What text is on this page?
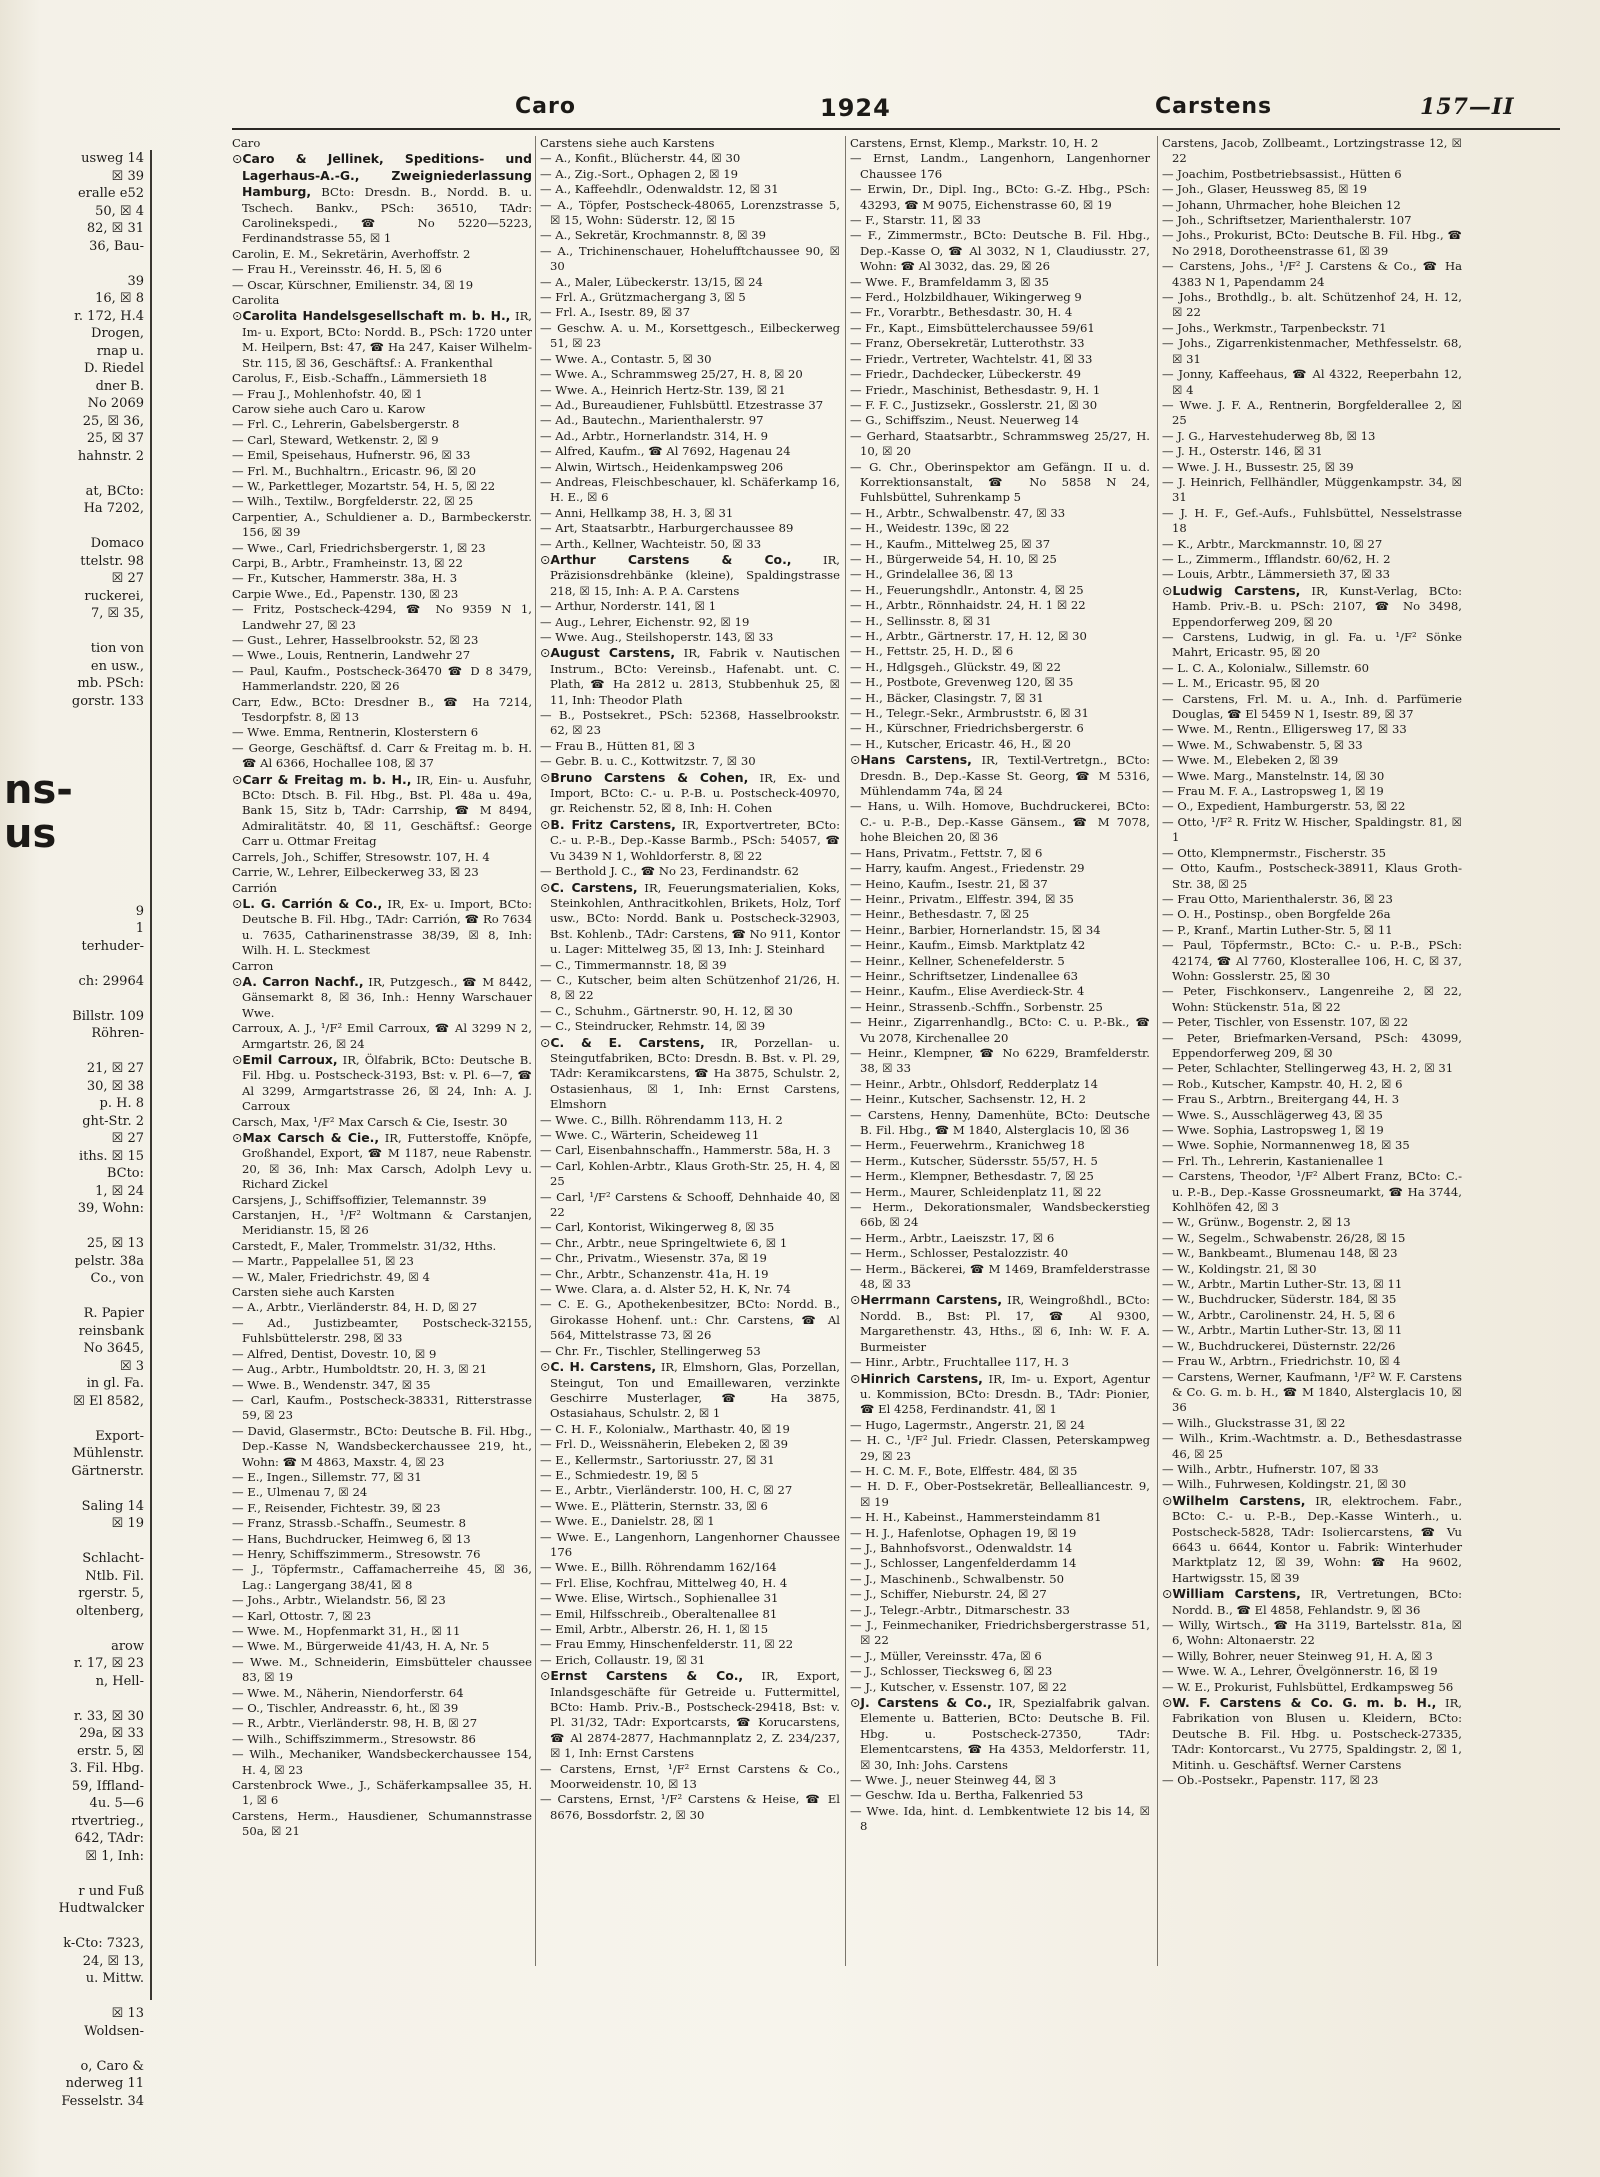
usweg 14
☒ 39
eralle e52
50, ☒ 4
82, ☒ 31
36, Bau-

39
16, ☒ 8
r. 172, H.4
Drogen,
rnap u.
D. Riedel
dner B.
No 2069
25, ☒ 36,
25, ☒ 37
hahnstr. 2

at, BCto:
Ha 7202,

Domaco
ttelstr. 98
☒ 27
ruckerei,
7, ☒ 35,

tion von
en usw.,
mb. PSch:
gorstr. 133

ns-
us

9
1
terhuder-

ch: 29964

Billstr. 109
Röhren-

21, ☒ 27
30, ☒ 38
p. H. 8
ght-Str. 2
☒ 27
iths. ☒ 15
BCto:
1, ☒ 24
39, Wohn:

25, ☒ 13
pelstr. 38a
Co., von

R. Papier
reinsbank
No 3645,
☒ 3
in gl. Fa.
☒ El 8582,

Export-
Mühlenstr.
Gärtnerstr.

Saling 14
☒ 19

Schlacht-
Ntlb. Fil.
rgerstr. 5,
oltenberg,

arow
r. 17, ☒ 23
n, Hell-

r. 33, ☒ 30
29a, ☒ 33
erstr. 5, ☒
3. Fil. Hbg.
59, Iffland-
4u. 5—6
rtvertrieg.,
642, TAdr:
☒ 1, Inh:

r und Fuß
Hudtwalcker

k-Cto: 7323,
24, ☒ 13,
u. Mittw.

☒ 13
Woldsen-

o, Caro &
nderweg 11
Fesselstr. 34
Caro	1924	Carstens	157—II
Caro
⊙ Caro & Jellinek, Speditions- und Lagerhaus-A.-G., Zweigniederlassung Hamburg, BCto: Dresdn. B., Nordd. B. u. Tschech. Bankv., PSch: 36510, TAdr: Carolinekspedi., ☎ No 5220—5223, Ferdinandstrasse 55, ☒ 1
Carolin, E. M., Sekretärin, Averhoffstr. 2
— Frau H., Vereinsstr. 46, H. 5, ☒ 6
— Oscar, Kürschner, Emilienstr. 34, ☒ 19
Carolita
⊙ Carolita Handelsgesellschaft m. b. H., IR, Im- u. Export, BCto: Nordd. B., PSch: 1720 unter M. Heilpern, Bst: 47, ☎ Ha 247, Kaiser Wilhelm-Str. 115, ☒ 36, Geschäftsf.: A. Frankenthal
Carolus, F., Eisb.-Schaffn., Lämmersieth 18
— Frau J., Mohlenhofstr. 40, ☒ 1
Carow siehe auch Caro u. Karow
— Frl. C., Lehrerin, Gabelsbergerstr. 8
— Carl, Steward, Wetkenstr. 2, ☒ 9
— Emil, Speisehaus, Hufnerstr. 96, ☒ 33
— Frl. M., Buchhaltrn., Ericastr. 96, ☒ 20
— W., Parkettleger, Mozartstr. 54, H. 5, ☒ 22
— Wilh., Textilw., Borgfelderstr. 22, ☒ 25
Carpentier, A., Schuldiener a. D., Barmbeckerstr. 156, ☒ 39
— Wwe., Carl, Friedrichsbergerstr. 1, ☒ 23
Carpi, B., Arbtr., Framheinstr. 13, ☒ 22
— Fr., Kutscher, Hammerstr. 38a, H. 3
Carpie Wwe., Ed., Papenstr. 130, ☒ 23
— Fritz, Postscheck-4294, ☎ No 9359 N 1, Landwehr 27, ☒ 23
— Gust., Lehrer, Hasselbrookstr. 52, ☒ 23
— Wwe., Louis, Rentnerin, Landwehr 27
— Paul, Kaufm., Postscheck-36470 ☎ D 8 3479, Hammerlandstr. 220, ☒ 26
Carr, Edw., BCto: Dresdner B., ☎ Ha 7214, Tesdorpfstr. 8, ☒ 13
— Wwe. Emma, Rentnerin, Klosterstern 6
— George, Geschäftsf. d. Carr & Freitag m. b. H. ☎ Al 6366, Hochallee 108, ☒ 37
⊙ Carr & Freitag m. b. H., IR, Ein- u. Ausfuhr, BCto: Dtsch. B. Fil. Hbg., Bst. Pl. 48a u. 49a, Bank 15, Sitz b, TAdr: Carrship, ☎ M 8494, Admiralitätstr. 40, ☒ 11, Geschäftsf.: George Carr u. Ottmar Freitag
Carrels, Joh., Schiffer, Stresowstr. 107, H. 4
Carrie, W., Lehrer, Eilbeckerweg 33, ☒ 23
Carrión
⊙ L. G. Carrión & Co., IR, Ex- u. Import, BCto: Deutsche B. Fil. Hbg., TAdr: Carrión, ☎ Ro 7634 u. 7635, Catharinenstrasse 38/39, ☒ 8, Inh: Wilh. H. L. Steckmest
Carron
⊙ A. Carron Nachf., IR, Putzgesch., ☎ M 8442, Gänsemarkt 8, ☒ 36, Inh.: Henny Warschauer Wwe.
Carroux, A. J., ¹/F² Emil Carroux, ☎ Al 3299 N 2, Armgartstr. 26, ☒ 24
⊙ Emil Carroux, IR, Ölfabrik, BCto: Deutsche B. Fil. Hbg. u. Postscheck-3193, Bst: v. Pl. 6—7, ☎ Al 3299, Armgartstrasse 26, ☒ 24, Inh: A. J. Carroux
Carsch, Max, ¹/F² Max Carsch & Cie, Isestr. 30
⊙ Max Carsch & Cie., IR, Futterstoffe, Knöpfe, Großhandel, Export, ☎ M 1187, neue Rabenstr. 20, ☒ 36, Inh: Max Carsch, Adolph Levy u. Richard Zickel
Carsjens, J., Schiffsoffizier, Telemannstr. 39
Carstanjen, H., ¹/F² Woltmann & Carstanjen, Meridianstr. 15, ☒ 26
Carstedt, F., Maler, Trommelstr. 31/32, Hths.
— Martr., Pappelallee 51, ☒ 23
— W., Maler, Friedrichstr. 49, ☒ 4
Carsten siehe auch Karsten
— A., Arbtr., Vierländerstr. 84, H. D, ☒ 27
— Ad., Justizbeamter, Postscheck-32155, Fuhlsbüttelerstr. 298, ☒ 33
— Alfred, Dentist, Dovestr. 10, ☒ 9
— Aug., Arbtr., Humboldtstr. 20, H. 3, ☒ 21
— Wwe. B., Wendenstr. 347, ☒ 35
— Carl, Kaufm., Postscheck-38331, Ritterstrasse 59, ☒ 23
— David, Glasermstr., BCto: Deutsche B. Fil. Hbg., Dep.-Kasse N, Wandsbeckerchaussee 219, ht., Wohn: ☎ M 4863, Maxstr. 4, ☒ 23
— E., Ingen., Sillemstr. 77, ☒ 31
— E., Ulmenau 7, ☒ 24
— F., Reisender, Fichtestr. 39, ☒ 23
— Franz, Strassb.-Schaffn., Seumestr. 8
— Hans, Buchdrucker, Heimweg 6, ☒ 13
— Henry, Schiffszimmerm., Stresowstr. 76
— J., Töpfermstr., Caffamacherreihe 45, ☒ 36, Lag.: Langergang 38/41, ☒ 8
— Johs., Arbtr., Wielandstr. 56, ☒ 23
— Karl, Ottostr. 7, ☒ 23
— Wwe. M., Hopfenmarkt 31, H., ☒ 11
— Wwe. M., Bürgerweide 41/43, H. A, Nr. 5
— Wwe. M., Schneiderin, Eimsbütteler chaussee 83, ☒ 19
— Wwe. M., Näherin, Niendorferstr. 64
— O., Tischler, Andreasstr. 6, ht., ☒ 39
— R., Arbtr., Vierländerstr. 98, H. B, ☒ 27
— Wilh., Schiffszimmerm., Stresowstr. 86
— Wilh., Mechaniker, Wandsbeckerchaussee 154, H. 4, ☒ 23
Carstenbrock Wwe., J., Schäferkampsallee 35, H. 1, ☒ 6
Carstens, Herm., Hausdiener, Schumannstrasse 50a, ☒ 21
Carstens siehe auch Karstens
— A., Konfit., Blücherstr. 44, ☒ 30
— A., Zig.-Sort., Ophagen 2, ☒ 19
— A., Kaffeehdlr., Odenwaldstr. 12, ☒ 31
— A., Töpfer, Postscheck-48065, Lorenzstrasse 5, ☒ 15, Wohn: Süderstr. 12, ☒ 15
— A., Sekretär, Krochmannstr. 8, ☒ 39
— A., Trichinenschauer, Hohelufftchaussee 90, ☒ 30
— A., Maler, Lübeckerstr. 13/15, ☒ 24
— Frl. A., Grützmachergang 3, ☒ 5
— Frl. A., Isestr. 89, ☒ 37
— Geschw. A. u. M., Korsettgesch., Eilbeckerweg 51, ☒ 23
— Wwe. A., Contastr. 5, ☒ 30
— Wwe. A., Schrammsweg 25/27, H. 8, ☒ 20
— Wwe. A., Heinrich Hertz-Str. 139, ☒ 21
— Ad., Bureaudiener, Fuhlsbüttl. Etzestrasse 37
— Ad., Bautechn., Marienthalerstr. 97
— Ad., Arbtr., Hornerlandstr. 314, H. 9
— Alfred, Kaufm., ☎ Al 7692, Hagenau 24
— Alwin, Wirtsch., Heidenkampsweg 206
— Andreas, Fleischbeschauer, kl. Schäferkamp 16, H. E., ☒ 6
— Anni, Hellkamp 38, H. 3, ☒ 31
— Art, Staatsarbtr., Harburgerchaussee 89
— Arth., Kellner, Wachteistr. 50, ☒ 33
⊙ Arthur Carstens & Co., IR, Präzisionsdrehbänke (kleine), Spaldingstrasse 218, ☒ 15, Inh: A. P. A. Carstens
— Arthur, Norderstr. 141, ☒ 1
— Aug., Lehrer, Eichenstr. 92, ☒ 19
— Wwe. Aug., Steilshoperstr. 143, ☒ 33
⊙ August Carstens, IR, Fabrik v. Nautischen Instrum., BCto: Vereinsb., Hafenabt. unt. C. Plath, ☎ Ha 2812 u. 2813, Stubbenhuk 25, ☒ 11, Inh: Theodor Plath
— B., Postsekret., PSch: 52368, Hasselbrookstr. 62, ☒ 23
— Frau B., Hütten 81, ☒ 3
— Gebr. B. u. C., Kottwitzstr. 7, ☒ 30
⊙ Bruno Carstens & Cohen, IR, Ex- und Import, BCto: C.- u. P.-B. u. Postscheck-40970, gr. Reichenstr. 52, ☒ 8, Inh: H. Cohen
⊙ B. Fritz Carstens, IR, Exportvertreter, BCto: C.- u. P.-B., Dep.-Kasse Barmb., PSch: 54057, ☎ Vu 3439 N 1, Wohldorferstr. 8, ☒ 22
— Berthold J. C., ☎ No 23, Ferdinandstr. 62
⊙ C. Carstens, IR, Feuerungsmaterialien, Koks, Steinkohlen, Anthracitkohlen, Brikets, Holz, Torf usw., BCto: Nordd. Bank u. Postscheck-32903, Bst. Kohlenb., TAdr: Carstens, ☎ No 911, Kontor u. Lager: Mittelweg 35, ☒ 13, Inh: J. Steinhard
— C., Timmermannstr. 18, ☒ 39
— C., Kutscher, beim alten Schützenhof 21/26, H. 8, ☒ 22
— C., Schuhm., Gärtnerstr. 90, H. 12, ☒ 30
— C., Steindrucker, Rehmstr. 14, ☒ 39
⊙ C. & E. Carstens, IR, Porzellan- u. Steingutfabriken, BCto: Dresdn. B. Bst. v. Pl. 29, TAdr: Keramikcarstens, ☎ Ha 3875, Schulstr. 2, Ostasienhaus, ☒ 1, Inh: Ernst Carstens, Elmshorn
— Wwe. C., Billh. Röhrendamm 113, H. 2
— Wwe. C., Wärterin, Scheideweg 11
— Carl, Eisenbahnschaffn., Hammerstr. 58a, H. 3
— Carl, Kohlen-Arbtr., Klaus Groth-Str. 25, H. 4, ☒ 25
— Carl, ¹/F² Carstens & Schooff, Dehnhaide 40, ☒ 22
— Carl, Kontorist, Wikingerweg 8, ☒ 35
— Chr., Arbtr., neue Springeltwiete 6, ☒ 1
— Chr., Privatm., Wiesenstr. 37a, ☒ 19
— Chr., Arbtr., Schanzenstr. 41a, H. 19
— Wwe. Clara, a. d. Alster 52, H. K, Nr. 74
— C. E. G., Apothekenbesitzer, BCto: Nordd. B., Girokasse Hohenf. unt.: Chr. Carstens, ☎ Al 564, Mittelstrasse 73, ☒ 26
— Chr. Fr., Tischler, Stellingerweg 53
⊙ C. H. Carstens, IR, Elmshorn, Glas, Porzellan, Steingut, Ton und Emaillewaren, verzinkte Geschirre Musterlager, ☎ Ha 3875, Ostasiahaus, Schulstr. 2, ☒ 1
— C. H. F., Kolonialw., Marthastr. 40, ☒ 19
— Frl. D., Weissnäherin, Elebeken 2, ☒ 39
— E., Kellermstr., Sartoriusstr. 27, ☒ 31
— E., Schmiedestr. 19, ☒ 5
— E., Arbtr., Vierländerstr. 100, H. C, ☒ 27
— Wwe. E., Plätterin, Sternstr. 33, ☒ 6
— Wwe. E., Danielstr. 28, ☒ 1
— Wwe. E., Langenhorn, Langenhorner Chaussee 176
— Wwe. E., Billh. Röhrendamm 162/164
— Frl. Elise, Kochfrau, Mittelweg 40, H. 4
— Wwe. Elise, Wirtsch., Sophienallee 31
— Emil, Hilfsschreib., Oberaltenallee 81
— Emil, Arbtr., Alberstr. 26, H. 1, ☒ 15
— Frau Emmy, Hinschenfelderstr. 11, ☒ 22
— Erich, Collaustr. 19, ☒ 31
⊙ Ernst Carstens & Co., IR, Export, Inlandsgeschäfte für Getreide u. Futtermittel, BCto: Hamb. Priv.-B., Postscheck-29418, Bst: v. Pl. 31/32, TAdr: Exportcarsts, ☎ Korucarstens, ☎ Al 2874-2877, Hachmannplatz 2, Z. 234/237, ☒ 1, Inh: Ernst Carstens
— Carstens, Ernst, ¹/F² Ernst Carstens & Co., Moorweidenstr. 10, ☒ 13
— Carstens, Ernst, ¹/F² Carstens & Heise, ☎ El 8676, Bossdorfstr. 2, ☒ 30
Carstens, Ernst, Klemp., Markstr. 10, H. 2
— Ernst, Landm., Langenhorn, Langenhorner Chaussee 176
— Erwin, Dr., Dipl. Ing., BCto: G.-Z. Hbg., PSch: 43293, ☎ M 9075, Eichenstrasse 60, ☒ 19
— F., Starstr. 11, ☒ 33
— F., Zimmermstr., BCto: Deutsche B. Fil. Hbg., Dep.-Kasse O, ☎ Al 3032, N 1, Claudiusstr. 27, Wohn: ☎ Al 3032, das. 29, ☒ 26
— Wwe. F., Bramfeldamm 3, ☒ 35
— Ferd., Holzbildhauer, Wikingerweg 9
— Fr., Vorarbtr., Bethesdastr. 30, H. 4
— Fr., Kapt., Eimsbüttelerchaussee 59/61
— Franz, Obersekretär, Lutterothstr. 33
— Friedr., Vertreter, Wachtelstr. 41, ☒ 33
— Friedr., Dachdecker, Lübeckerstr. 49
— Friedr., Maschinist, Bethesdastr. 9, H. 1
— F. F. C., Justizsekr., Gosslerstr. 21, ☒ 30
— G., Schiffszim., Neust. Neuerweg 14
— Gerhard, Staatsarbtr., Schrammsweg 25/27, H. 10, ☒ 20
— G. Chr., Oberinspektor am Gefängn. II u. d. Korrektionsanstalt, ☎ No 5858 N 24, Fuhlsbüttel, Suhrenkamp 5
— H., Arbtr., Schwalbenstr. 47, ☒ 33
— H., Weidestr. 139c, ☒ 22
— H., Kaufm., Mittelweg 25, ☒ 37
— H., Bürgerweide 54, H. 10, ☒ 25
— H., Grindelallee 36, ☒ 13
— H., Feuerungshdlr., Antonstr. 4, ☒ 25
— H., Arbtr., Rönnhaidstr. 24, H. 1 ☒ 22
— H., Sellinsstr. 8, ☒ 31
— H., Arbtr., Gärtnerstr. 17, H. 12, ☒ 30
— H., Fettstr. 25, H. D., ☒ 6
— H., Hdlgsgeh., Glückstr. 49, ☒ 22
— H., Postbote, Grevenweg 120, ☒ 35
— H., Bäcker, Clasingstr. 7, ☒ 31
— H., Telegr.-Sekr., Armbruststr. 6, ☒ 31
— H., Kürschner, Friedrichsbergerstr. 6
— H., Kutscher, Ericastr. 46, H., ☒ 20
⊙ Hans Carstens, IR, Textil-Vertretgn., BCto: Dresdn. B., Dep.-Kasse St. Georg, ☎ M 5316, Mühlendamm 74a, ☒ 24
— Hans, u. Wilh. Homove, Buchdruckerei, BCto: C.- u. P.-B., Dep.-Kasse Gänsem., ☎ M 7078, hohe Bleichen 20, ☒ 36
— Hans, Privatm., Fettstr. 7, ☒ 6
— Harry, kaufm. Angest., Friedenstr. 29
— Heino, Kaufm., Isestr. 21, ☒ 37
— Heinr., Privatm., Elffestr. 394, ☒ 35
— Heinr., Bethesdastr. 7, ☒ 25
— Heinr., Barbier, Hornerlandstr. 15, ☒ 34
— Heinr., Kaufm., Eimsb. Marktplatz 42
— Heinr., Kellner, Schenefelderstr. 5
— Heinr., Schriftsetzer, Lindenallee 63
— Heinr., Kaufm., Elise Averdieck-Str. 4
— Heinr., Strassenb.-Schffn., Sorbenstr. 25
— Heinr., Zigarrenhandlg., BCto: C. u. P.-Bk., ☎ Vu 2078, Kirchenallee 20
— Heinr., Klempner, ☎ No 6229, Bramfelderstr. 38, ☒ 33
— Heinr., Arbtr., Ohlsdorf, Redderplatz 14
— Heinr., Kutscher, Sachsenstr. 12, H. 2
— Carstens, Henny, Damenhüte, BCto: Deutsche B. Fil. Hbg., ☎ M 1840, Alsterglacis 10, ☒ 36
— Herm., Feuerwehrm., Kranichweg 18
— Herm., Kutscher, Südersstr. 55/57, H. 5
— Herm., Klempner, Bethesdastr. 7, ☒ 25
— Herm., Maurer, Schleidenplatz 11, ☒ 22
— Herm., Dekorationsmaler, Wandsbeckerstieg 66b, ☒ 24
— Herm., Arbtr., Laeiszstr. 17, ☒ 6
— Herm., Schlosser, Pestalozzistr. 40
— Herm., Bäckerei, ☎ M 1469, Bramfelderstrasse 48, ☒ 33
⊙ Herrmann Carstens, IR, Weingroßhdl., BCto: Nordd. B., Bst: Pl. 17, ☎ Al 9300, Margarethenstr. 43, Hths., ☒ 6, Inh: W. F. A. Burmeister
— Hinr., Arbtr., Fruchtallee 117, H. 3
⊙ Hinrich Carstens, IR, Im- u. Export, Agentur u. Kommission, BCto: Dresdn. B., TAdr: Pionier, ☎ El 4258, Ferdinandstr. 41, ☒ 1
— Hugo, Lagermstr., Angerstr. 21, ☒ 24
— H. C., ¹/F² Jul. Friedr. Classen, Peterskampweg 29, ☒ 23
— H. C. M. F., Bote, Elffestr. 484, ☒ 35
— H. D. F., Ober-Postsekretär, Bellealliancestr. 9, ☒ 19
— H. H., Kabeinst., Hammersteindamm 81
— H. J., Hafenlotse, Ophagen 19, ☒ 19
— J., Bahnhofsvorst., Odenwaldstr. 14
— J., Schlosser, Langenfelderdamm 14
— J., Maschinenb., Schwalbenstr. 50
— J., Schiffer, Nieburstr. 24, ☒ 27
— J., Telegr.-Arbtr., Ditmarschestr. 33
— J., Feinmechaniker, Friedrichsbergerstrasse 51, ☒ 22
— J., Müller, Vereinsstr. 47a, ☒ 6
— J., Schlosser, Tiecksweg 6, ☒ 23
— J., Kutscher, v. Essenstr. 107, ☒ 22
⊙ J. Carstens & Co., IR, Spezialfabrik galvan. Elemente u. Batterien, BCto: Deutsche B. Fil. Hbg. u. Postscheck-27350, TAdr: Elementcarstens, ☎ Ha 4353, Meldorferstr. 11, ☒ 30, Inh: Johs. Carstens
— Wwe. J., neuer Steinweg 44, ☒ 3
— Geschw. Ida u. Bertha, Falkenried 53
— Wwe. Ida, hint. d. Lembkentwiete 12 bis 14, ☒ 8
Carstens, Jacob, Zollbeamt., Lortzingstrasse 12, ☒ 22
— Joachim, Postbetriebsassist., Hütten 6
— Joh., Glaser, Heussweg 85, ☒ 19
— Johann, Uhrmacher, hohe Bleichen 12
— Joh., Schriftsetzer, Marienthalerstr. 107
— Johs., Prokurist, BCto: Deutsche B. Fil. Hbg., ☎ No 2918, Dorotheenstrasse 61, ☒ 39
— Carstens, Johs., ¹/F² J. Carstens & Co., ☎ Ha 4383 N 1, Papendamm 24
— Johs., Brothdlg., b. alt. Schützenhof 24, H. 12, ☒ 22
— Johs., Werkmstr., Tarpenbeckstr. 71
— Johs., Zigarrenkistenmacher, Methfesselstr. 68, ☒ 31
— Jonny, Kaffeehaus, ☎ Al 4322, Reeperbahn 12, ☒ 4
— Wwe. J. F. A., Rentnerin, Borgfelderallee 2, ☒ 25
— J. G., Harvestehuderweg 8b, ☒ 13
— J. H., Osterstr. 146, ☒ 31
— Wwe. J. H., Bussestr. 25, ☒ 39
— J. Heinrich, Fellhändler, Müggenkampstr. 34, ☒ 31
— J. H. F., Gef.-Aufs., Fuhlsbüttel, Nesselstrasse 18
— K., Arbtr., Marckmannstr. 10, ☒ 27
— L., Zimmerm., Ifflandstr. 60/62, H. 2
— Louis, Arbtr., Lämmersieth 37, ☒ 33
⊙ Ludwig Carstens, IR, Kunst-Verlag, BCto: Hamb. Priv.-B. u. PSch: 2107, ☎ No 3498, Eppendorferweg 209, ☒ 20
— Carstens, Ludwig, in gl. Fa. u. ¹/F² Sönke Mahrt, Ericastr. 95, ☒ 20
— L. C. A., Kolonialw., Sillemstr. 60
— L. M., Ericastr. 95, ☒ 20
— Carstens, Frl. M. u. A., Inh. d. Parfümerie Douglas, ☎ El 5459 N 1, Isestr. 89, ☒ 37
— Wwe. M., Rentn., Elligersweg 17, ☒ 33
— Wwe. M., Schwabenstr. 5, ☒ 33
— Wwe. M., Elebeken 2, ☒ 39
— Wwe. Marg., Manstelnstr. 14, ☒ 30
— Frau M. F. A., Lastropsweg 1, ☒ 19
— O., Expedient, Hamburgerstr. 53, ☒ 22
— Otto, ¹/F² R. Fritz W. Hischer, Spaldingstr. 81, ☒ 1
— Otto, Klempnermstr., Fischerstr. 35
— Otto, Kaufm., Postscheck-38911, Klaus Groth-Str. 38, ☒ 25
— Frau Otto, Marienthalerstr. 36, ☒ 23
— O. H., Postinsp., oben Borgfelde 26a
— P., Kranf., Martin Luther-Str. 5, ☒ 11
— Paul, Töpfermstr., BCto: C.- u. P.-B., PSch: 42174, ☎ Al 7760, Klosterallee 106, H. C, ☒ 37, Wohn: Gosslerstr. 25, ☒ 30
— Peter, Fischkonserv., Langenreihe 2, ☒ 22, Wohn: Stückenstr. 51a, ☒ 22
— Peter, Tischler, von Essenstr. 107, ☒ 22
— Peter, Briefmarken-Versand, PSch: 43099, Eppendorferweg 209, ☒ 30
— Peter, Schlachter, Stellingerweg 43, H. 2, ☒ 31
— Rob., Kutscher, Kampstr. 40, H. 2, ☒ 6
— Frau S., Arbtrn., Breitergang 44, H. 3
— Wwe. S., Ausschlägerweg 43, ☒ 35
— Wwe. Sophia, Lastropsweg 1, ☒ 19
— Wwe. Sophie, Normannenweg 18, ☒ 35
— Frl. Th., Lehrerin, Kastanienallee 1
— Carstens, Theodor, ¹/F² Albert Franz, BCto: C.- u. P.-B., Dep.-Kasse Grossneumarkt, ☎ Ha 3744, Kohlhöfen 42, ☒ 3
— W., Grünw., Bogenstr. 2, ☒ 13
— W., Segelm., Schwabenstr. 26/28, ☒ 15
— W., Bankbeamt., Blumenau 148, ☒ 23
— W., Koldingstr. 21, ☒ 30
— W., Arbtr., Martin Luther-Str. 13, ☒ 11
— W., Buchdrucker, Süderstr. 184, ☒ 35
— W., Arbtr., Carolinenstr. 24, H. 5, ☒ 6
— W., Arbtr., Martin Luther-Str. 13, ☒ 11
— W., Buchdruckerei, Düsternstr. 22/26
— Frau W., Arbtrn., Friedrichstr. 10, ☒ 4
— Carstens, Werner, Kaufmann, ¹/F² W. F. Carstens & Co. G. m. b. H., ☎ M 1840, Alsterglacis 10, ☒ 36
— Wilh., Gluckstrasse 31, ☒ 22
— Wilh., Krim.-Wachtmstr. a. D., Bethesdastrasse 46, ☒ 25
— Wilh., Arbtr., Hufnerstr. 107, ☒ 33
— Wilh., Fuhrwesen, Koldingstr. 21, ☒ 30
⊙ Wilhelm Carstens, IR, elektrochem. Fabr., BCto: C.- u. P.-B., Dep.-Kasse Winterh., u. Postscheck-5828, TAdr: Isoliercarstens, ☎ Vu 6643 u. 6644, Kontor u. Fabrik: Winterhuder Marktplatz 12, ☒ 39, Wohn: ☎ Ha 9602, Hartwigsstr. 15, ☒ 39
⊙ William Carstens, IR, Vertretungen, BCto: Nordd. B., ☎ El 4858, Fehlandstr. 9, ☒ 36
— Willy, Wirtsch., ☎ Ha 3119, Bartelsstr. 81a, ☒ 6, Wohn: Altonaerstr. 22
— Willy, Bohrer, neuer Steinweg 91, H. A, ☒ 3
— Wwe. W. A., Lehrer, Övelgönnerstr. 16, ☒ 19
— W. E., Prokurist, Fuhlsbüttel, Erdkampsweg 56
⊙ W. F. Carstens & Co. G. m. b. H., IR, Fabrikation von Blusen u. Kleidern, BCto: Deutsche B. Fil. Hbg. u. Postscheck-27335, TAdr: Kontorcarst., Vu 2775, Spaldingstr. 2, ☒ 1, Mitinh. u. Geschäftsf. Werner Carstens
— Ob.-Postsekr., Papenstr. 117, ☒ 23
